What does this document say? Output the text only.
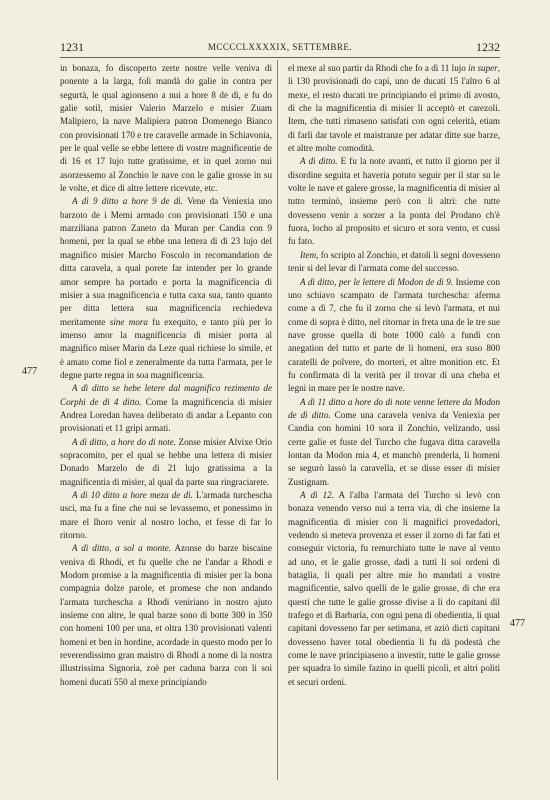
1231	MCCCCLXXXXIX, SETTEMBRE.	1232
477
477

in bonaza, fo discoperto zerte nostre velle veniva di ponente a la larga, foli mandà do galie in contra per segurtà, le qual agionseno a nui a hore 8 de dì, e fu do galie sotil, misier Valerio Marzelo e misier Zuam Malipiero, la nave Malipiera patron Domenego Bianco con provisionati 170 e tre caravelle armade in Schiavonia, per le qual velle se ebbe lettere di vostre magnificentie de dì 16 et 17 lujo tutte gratissime, et in quel zorno nui asorzessemo al Zonchio le nave con le galie grosse in su le volte, et dice di altre lettere ricevute, etc.

A dì 9 ditto a hore 9 de dì. Vene da Veniexia uno barzoto de i Memi armado con provisionati 150 e una marziliana patron Zaneto da Muran per Candia con 9 homeni, per la qual se ebbe una lettera di dì 23 lujo del magnifico misier Marcho Foscolo in recomandation de ditta caravela, a qual porete far intender per lo grande amor sempre ha portado e porta la magnificencia di misier a sua magnificencia e tutta caxa sua, tanto quanto per ditta lettera sua magnificencia rechiedeva meritamente sine mora fu exequito, e tanto più per lo imenso amor la magnificencia di misier porta al magnifico miser Marin da Leze qual richiese lo simile, et è amato come fiol e zeneralmente da tutta l'armata, per le degne parte regna in soa magnificencia.

A dì ditto se hebe letere dal magnifico rezimento de Corphì de dì 4 ditto. Come la magnificencia di misier Andrea Loredan havea deliberato di andar a Lepanto con provisionati et 11 gripi armati.

A dì ditto, a hore do di note. Zonse misier Alvixe Orio sopracomito, per el qual se hebbe una lettera di misier Donado Marzelo de dì 21 lujo gratissima a la magnificentia di misier, al qual da parte sua ringraciarete.

A dì 10 ditto a hore meza de dì. L'armada turchescha usci, ma fu a fine che nui se levassemo, et ponessimo in mare el lhoro venir al nostro locho, et fesse di far lo ritorno.

A dì ditto, a sol a monte. Azonse do barze biscaine veniva di Rhodi, et fu quelle che ne l'andar a Rhodi e Modom promise a la magnificentia di misier per la bona compagnia dolze parole, et promese che non andando l'armata turchescha a Rhodi veniriano in nostro ajuto insieme con altre, le qual barze sono di botte 300 in 350 con homeni 100 per una, et oltra 130 provisionati valenti homeni et ben in hordine, acordade in questo modo per lo reverendissimo gran maistro di Rhodi a nome di la nostra illustrissima Signoria, zoè per caduna barza con li soi homeni ducati 550 al mexe principiando

el mexe al suo partir da Rhodi che fo a dì 11 lujo in super, li 130 provisionadi do capi, uno de ducati 15 l'altro 6 al mexe, el resto ducati tre principiando el primo di avosto, di che la magnificentia di misier li acceptò et carezoli. Item, che tutti rimaseno satisfati con ogni celerità, etiam di farli dar tavole et maistranze per adatar ditte sue barze, et altre molte comodità.

A dì ditto. E fu la note avanti, et tutto il giorno per il disordine seguita et haveria potuto seguir per il star su le volte le nave et galere grosse, la magnificentia di misier al tutto terminò, insieme però con li altri: che tutte dovesseno venir a sorzer a la ponta del Prodano ch'è fuora, locho al proposito et sicuro et sora vento, et cussì fu fato.

Item, fo scripto al Zonchio, et datoli li segni dovesseno tenir sì del levar di l'armata come del successo.

A dì ditto, per le lettere di Modon de dì 9. Insieme con uno schiavo scampato de l'armata turchescha: aferma come a dì 7, che fu il zorno che si levò l'armata, et nui come di sopra è ditto, nel ritornar in freta una de le tre sue nave grosse quella di bote 1000 calò a fundi con anegation del tutto et parte de li homeni, era suso 800 caratelli de polvere, do morteri, et altre monition etc. Et fu confirmata di la verità per il trovar di una cheba et legni in mare per le nostre nave.

A dì 11 ditto a hore do di note venne lettere da Modon de dì ditto. Come una caravela veniva da Veniexia per Candia con homini 10 sora il Zonchio, velizando, ussì certe galie et fuste del Turcho che fugava ditta caravella lontan da Modon mia 4, et manchò prenderla, li homeni se segurò lassò la caravella, et se disse esser di misier Zustignam.

A dì 12. A l'alba l'armata del Turcho si levò con bonaza venendo verso nui a terra via, di che insieme la magnificentia di misier con li magnifici provedadori, vedendo si meteva provenza et esser il zorno di far fati et conseguir victoria, fu remurchiato tutte le nave al vento ad uno, et le galie grosse, dadi a tutti li soi ordeni di bataglia, li quali per altre mie ho mandati a vostre magnificentie, salvo quelli de le galie grosse, di che era questi che tutte le galie grosse divise a li do capitani dil trafego et di Barbaria, con ogni pena di obedientia, li qual capitani dovesseno far per setimana, et aziò dicti capitani dovesseno haver total obedientia li fu dà podestà che come le nave principiaseno a investir, tutte le galie grosse per squadra lo simile fazino in quelli picoli, et altri politi et securi ordeni.
